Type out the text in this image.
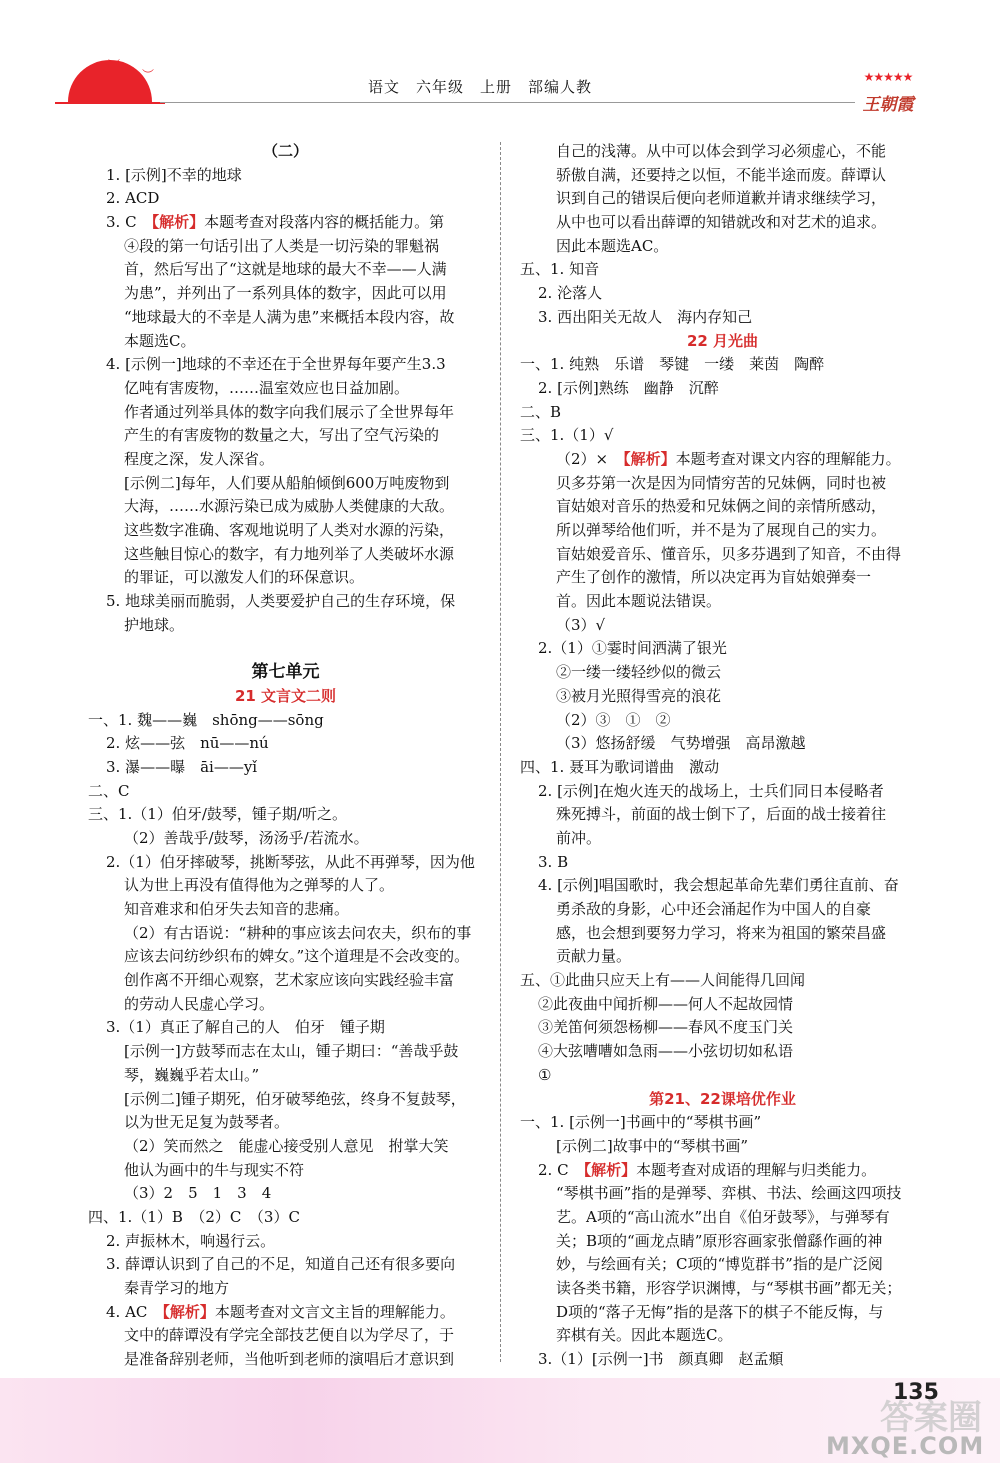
︶
︶
语文　六年级　上册　部编人教
★★★★★
王朝霞
（二）
1. [示例]不幸的地球
2. ACD
3. C　【解析】本题考查对段落内容的概括能力。第
④段的第一句话引出了人类是一切污染的罪魁祸
首，然后写出了“这就是地球的最大不幸——人满
为患”，并列出了一系列具体的数字，因此可以用
“地球最大的不幸是人满为患”来概括本段内容，故
本题选C。
4. [示例一]地球的不幸还在于全世界每年要产生3.3
亿吨有害废物，……温室效应也日益加剧。
作者通过列举具体的数字向我们展示了全世界每年
产生的有害废物的数量之大，写出了空气污染的
程度之深，发人深省。
[示例二]每年，人们要从船舶倾倒600万吨废物到
大海，……水源污染已成为威胁人类健康的大敌。
这些数字准确、客观地说明了人类对水源的污染，
这些触目惊心的数字，有力地列举了人类破坏水源
的罪证，可以激发人们的环保意识。
5. 地球美丽而脆弱，人类要爱护自己的生存环境，保
护地球。
第七单元
21 文言文二则
一、1. 魏——巍　shōng——sōng
2. 炫——弦　nū——nú
3. 瀑——曝　āi——yǐ
二、C
三、1.（1）伯牙/鼓琴，锺子期/听之。
（2）善哉乎/鼓琴，汤汤乎/若流水。
2.（1）伯牙摔破琴，挑断琴弦，从此不再弹琴，因为他
认为世上再没有值得他为之弹琴的人了。
知音难求和伯牙失去知音的悲痛。
（2）有古语说：“耕种的事应该去问农夫，织布的事
应该去问纺纱织布的婢女。”这个道理是不会改变的。
创作离不开细心观察，艺术家应该向实践经验丰富
的劳动人民虚心学习。
3.（1）真正了解自己的人　伯牙　锺子期
[示例一]方鼓琴而志在太山，锺子期曰：“善哉乎鼓
琴，巍巍乎若太山。”
[示例二]锺子期死，伯牙破琴绝弦，终身不复鼓琴，
以为世无足复为鼓琴者。
（2）笑而然之　能虚心接受别人意见　拊掌大笑
他认为画中的牛与现实不符
（3）2　5　1　3　4
四、1.（1）B　（2）C　（3）C
2. 声振林木，响遏行云。
3. 薛谭认识到了自己的不足，知道自己还有很多要向
秦青学习的地方
4. AC　【解析】本题考查对文言文主旨的理解能力。
文中的薛谭没有学完全部技艺便自以为学尽了，于
是准备辞别老师，当他听到老师的演唱后才意识到
自己的浅薄。从中可以体会到学习必须虚心，不能
骄傲自满，还要持之以恒，不能半途而废。薛谭认
识到自己的错误后便向老师道歉并请求继续学习，
从中也可以看出薛谭的知错就改和对艺术的追求。
因此本题选AC。
五、1. 知音
2. 沦落人
3. 西出阳关无故人　海内存知己
22 月光曲
一、1. 纯熟　乐谱　琴键　一缕　莱茵　陶醉
2. [示例]熟练　幽静　沉醉
二、B
三、1.（1）√
（2）×　【解析】本题考查对课文内容的理解能力。
贝多芬第一次是因为同情穷苦的兄妹俩，同时也被
盲姑娘对音乐的热爱和兄妹俩之间的亲情所感动，
所以弹琴给他们听，并不是为了展现自己的实力。
盲姑娘爱音乐、懂音乐，贝多芬遇到了知音，不由得
产生了创作的激情，所以决定再为盲姑娘弹奏一
首。因此本题说法错误。
（3）√
2.（1）①霎时间洒满了银光
②一缕一缕轻纱似的微云
③被月光照得雪亮的浪花
（2）③　①　②
（3）悠扬舒缓　气势增强　高昂激越
四、1. 聂耳为歌词谱曲　激动
2. [示例]在炮火连天的战场上，士兵们同日本侵略者
殊死搏斗，前面的战士倒下了，后面的战士接着往
前冲。
3. B
4. [示例]唱国歌时，我会想起革命先辈们勇往直前、奋
勇杀敌的身影，心中还会涌起作为中国人的自豪
感，也会想到要努力学习，将来为祖国的繁荣昌盛
贡献力量。
五、①此曲只应天上有——人间能得几回闻
②此夜曲中闻折柳——何人不起故园情
③羌笛何须怨杨柳——春风不度玉门关
④大弦嘈嘈如急雨——小弦切切如私语
①
第21、22课培优作业
一、1. [示例一]书画中的“琴棋书画”
[示例二]故事中的“琴棋书画”
2. C　【解析】本题考查对成语的理解与归类能力。
“琴棋书画”指的是弹琴、弈棋、书法、绘画这四项技
艺。A项的“高山流水”出自《伯牙鼓琴》，与弹琴有
关；B项的“画龙点睛”原形容画家张僧繇作画的神
妙，与绘画有关；C项的“博览群书”指的是广泛阅
读各类书籍，形容学识渊博，与“琴棋书画”都无关；
D项的“落子无悔”指的是落下的棋子不能反悔，与
弈棋有关。因此本题选C。
3.（1）[示例一]书　颜真卿　赵孟頫
答案圈
MXQE.COM
135
